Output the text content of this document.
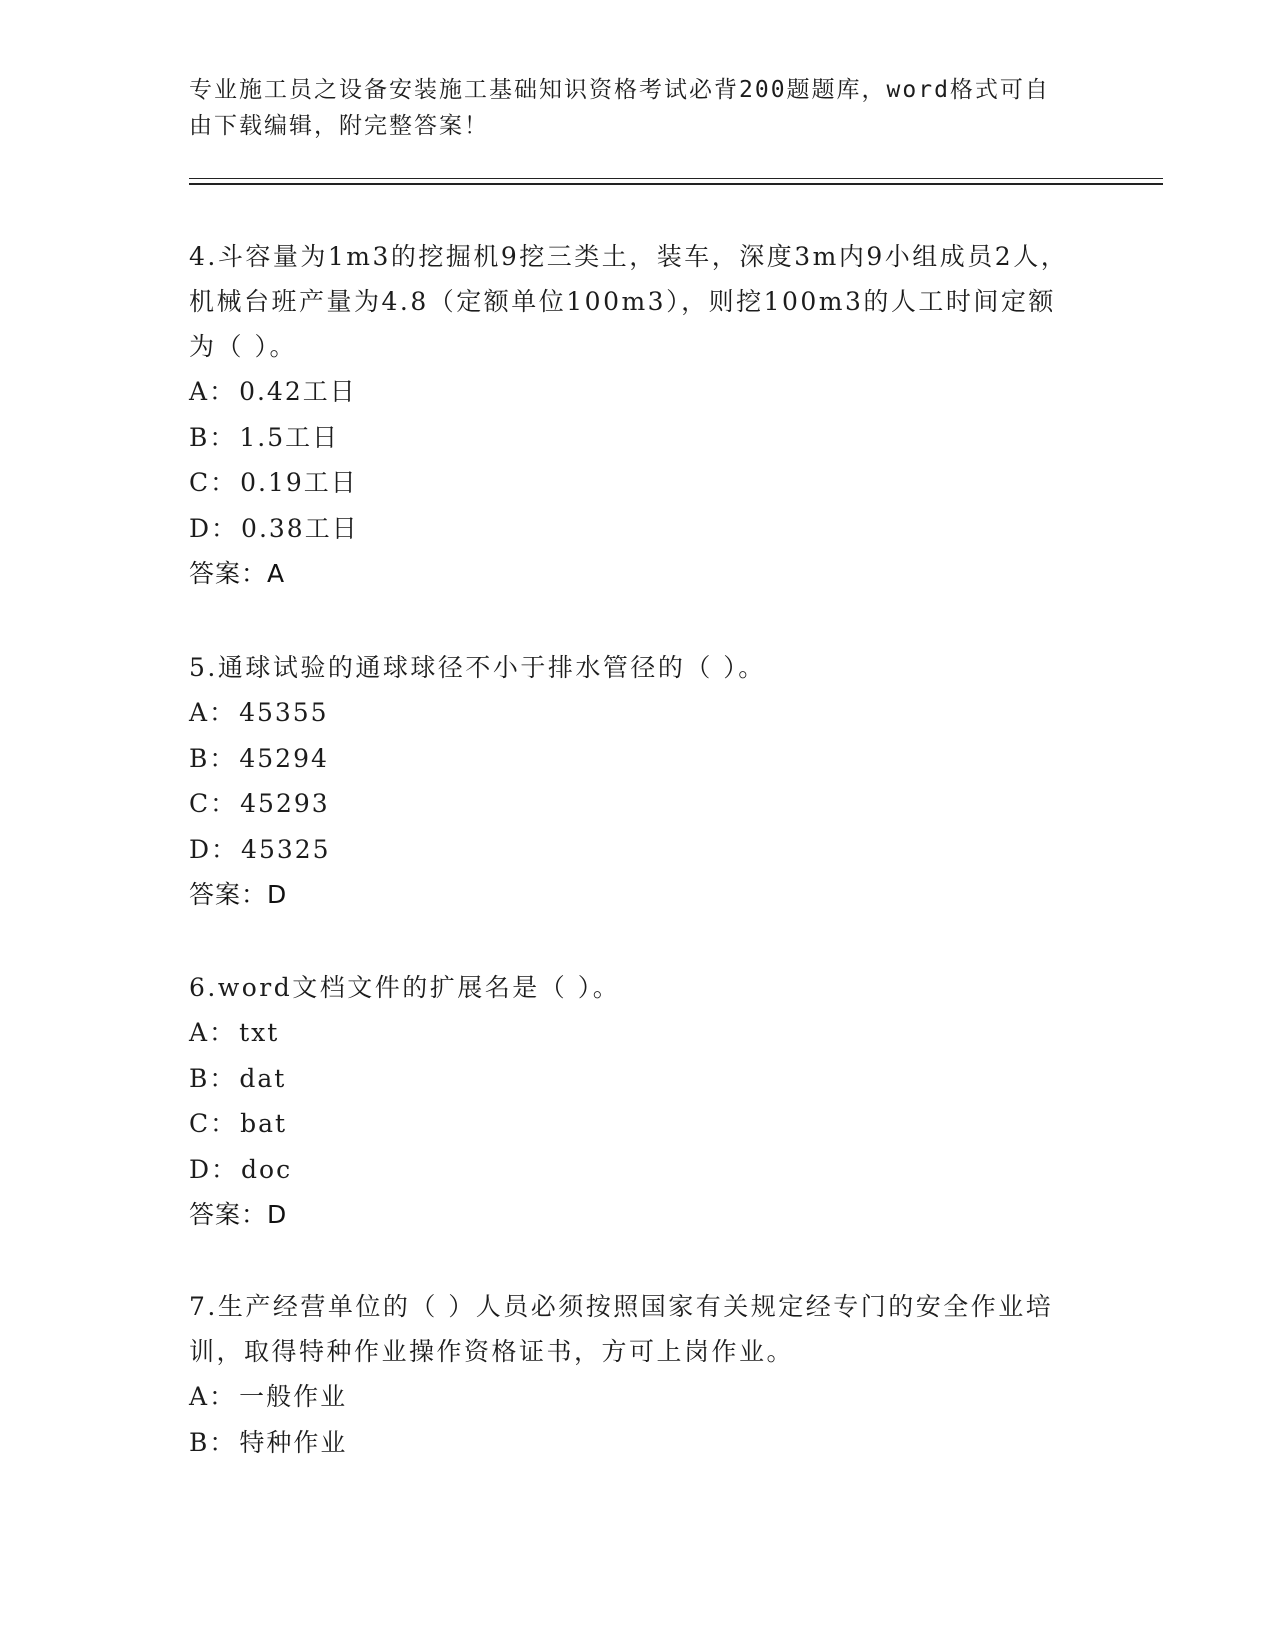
专业施工员之设备安装施工基础知识资格考试必背200题题库，word格式可自由下载编辑，附完整答案！

4.斗容量为1m3的挖掘机9挖三类土，装车，深度3m内9小组成员2人，机械台班产量为4.8（定额单位100m3），则挖100m3的人工时间定额为（ ）。

A： 0.42工日

B： 1.5工日

C： 0.19工日

D： 0.38工日

答案：A

5.通球试验的通球球径不小于排水管径的（ ）。

A： 45355

B： 45294

C： 45293

D： 45325

答案：D

6.word文档文件的扩展名是（ ）。

A： txt

B： dat

C： bat

D： doc

答案：D

7.生产经营单位的（ ）人员必须按照国家有关规定经专门的安全作业培训，取得特种作业操作资格证书，方可上岗作业。

A： 一般作业

B： 特种作业
